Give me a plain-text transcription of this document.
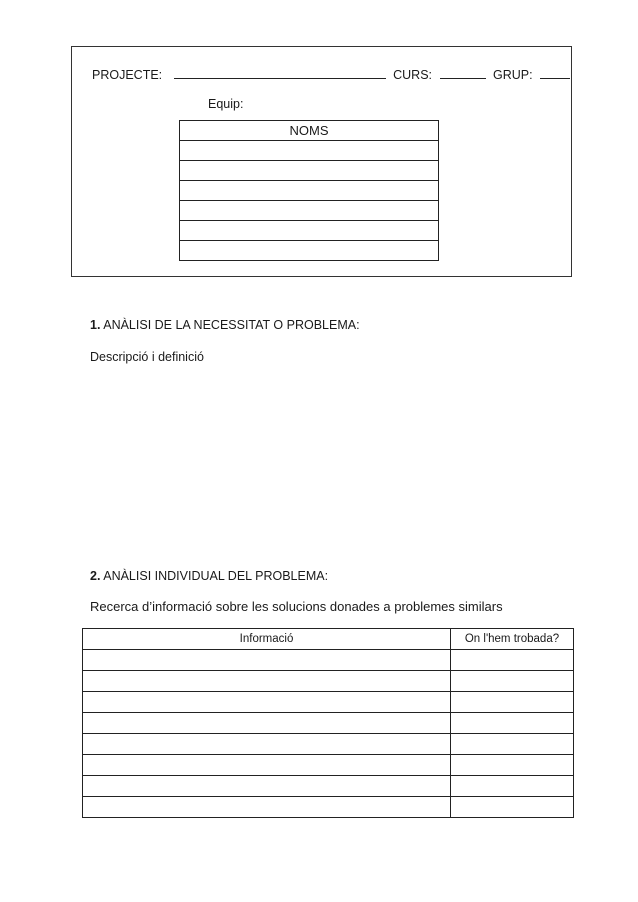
PROJECTE:	CURS:	GRUP:
Equip:
NOMS

1. ANÀLISI DE LA NECESSITAT O PROBLEMA:
Descripció i definició
2. ANÀLISI INDIVIDUAL DEL PROBLEMA:
Recerca d’informació sobre les solucions donades a problemes similars
Informació	On l'hem trobada?
